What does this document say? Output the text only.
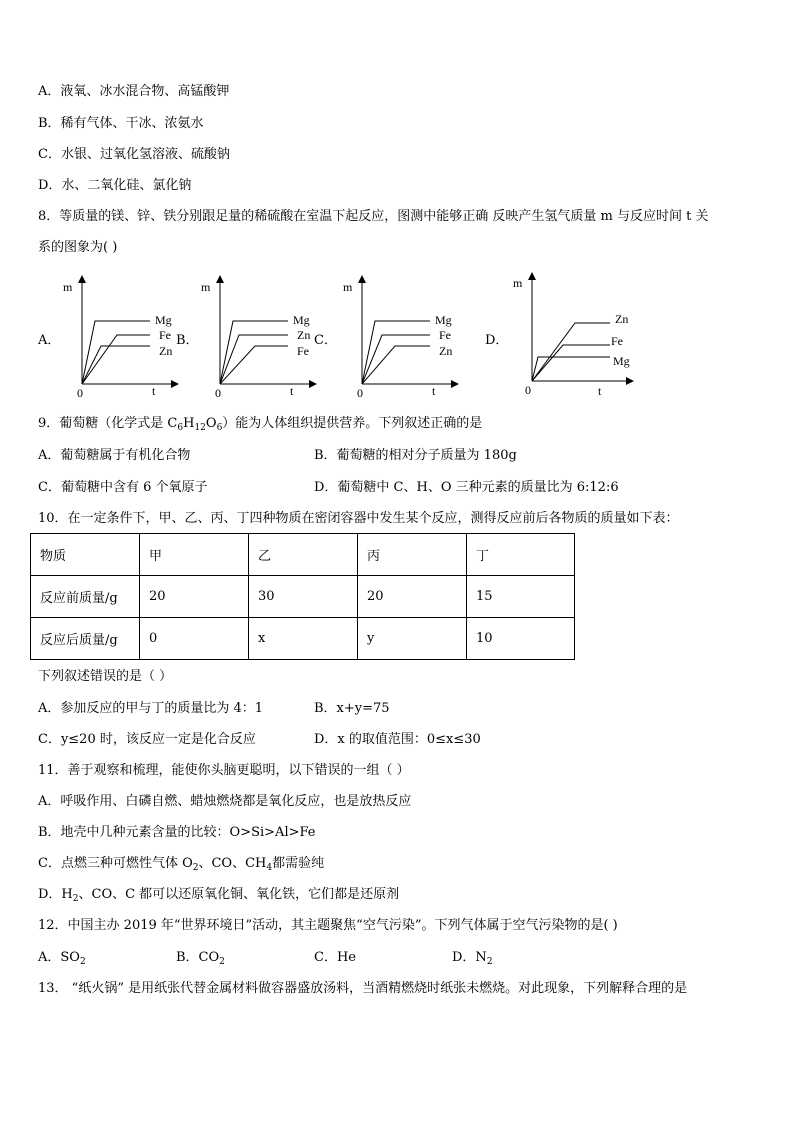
A．液氧、冰水混合物、高锰酸钾
B．稀有气体、干冰、浓氨水
C．水银、过氧化氢溶液、硫酸钠
D．水、二氧化硅、氯化钠
8．等质量的镁、锌、铁分别跟足量的稀硫酸在室温下起反应，图测中能够正确 反映产生氢气质量 m 与反应时间 t 关
系的图象为( )
A．	B．	C．	D．
m
t
0
Mg
Fe
Zn
m
t
0
Mg
Zn
Fe
m
t
0
Mg
Fe
Zn
m
t
0
Zn
Fe
Mg
9．葡萄糖（化学式是 $C_6H_{12}O_6$）能为人体组织提供营养。下列叙述正确的是
A．葡萄糖属于有机化合物	B．葡萄糖的相对分子质量为 180g
C．葡萄糖中含有 6 个氧原子	D．葡萄糖中 C、H、O 三种元素的质量比为 6:12:6
10．在一定条件下，甲、乙、丙、丁四种物质在密闭容器中发生某个反应，测得反应前后各物质的质量如下表：
物质	甲	乙	丙	丁
反应前质量/g	20	30	20	15
反应后质量/g	0	x	y	10
下列叙述错误的是（ ）
A．参加反应的甲与丁的质量比为 4：1	B．x+y=75
C．y≤20 时，该反应一定是化合反应	D．x 的取值范围：0≤x≤30
11．善于观察和梳理，能使你头脑更聪明，以下错误的一组（ ）
A．呼吸作用、白磷自燃、蜡烛燃烧都是氧化反应，也是放热反应
B．地壳中几种元素含量的比较：O>Si>Al>Fe
C．点燃三种可燃性气体 $O_2$、CO、$CH_4$都需验纯
D．$H_2$、CO、C 都可以还原氧化铜、氧化铁，它们都是还原剂
12．中国主办 2019 年“世界环境日”活动，其主题聚焦“空气污染”。下列气体属于空气污染物的是( )
A．$SO_2$	B．$CO_2$	C．He	D．$N_2$
13． “纸火锅” 是用纸张代替金属材料做容器盛放汤料，当酒精燃烧时纸张未燃烧。对此现象，下列解释合理的是
